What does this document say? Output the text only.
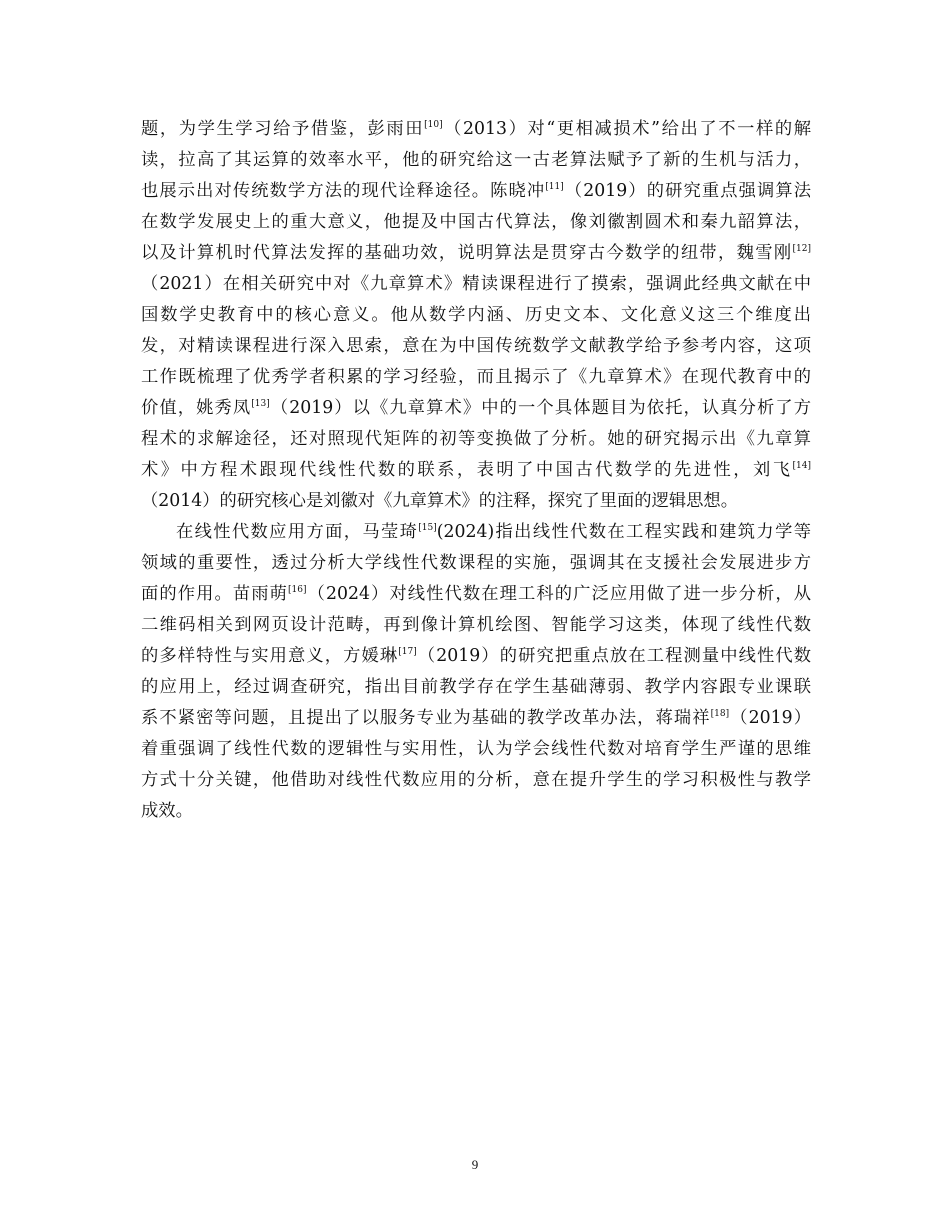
题，为学生学习给予借鉴，彭雨田[10]（2013）对“更相减损术”给出了不一样的解
读，拉高了其运算的效率水平，他的研究给这一古老算法赋予了新的生机与活力，
也展示出对传统数学方法的现代诠释途径。陈晓冲[11]（2019）的研究重点强调算法
在数学发展史上的重大意义，他提及中国古代算法，像刘徽割圆术和秦九韶算法，
以及计算机时代算法发挥的基础功效，说明算法是贯穿古今数学的纽带，魏雪刚[12]
（2021）在相关研究中对《九章算术》精读课程进行了摸索，强调此经典文献在中
国数学史教育中的核心意义。他从数学内涵、历史文本、文化意义这三个维度出
发，对精读课程进行深入思索，意在为中国传统数学文献教学给予参考内容，这项
工作既梳理了优秀学者积累的学习经验，而且揭示了《九章算术》在现代教育中的
价值，姚秀凤[13]（2019）以《九章算术》中的一个具体题目为依托，认真分析了方
程术的求解途径，还对照现代矩阵的初等变换做了分析。她的研究揭示出《九章算
术》中方程术跟现代线性代数的联系，表明了中国古代数学的先进性，刘飞[14]
（2014）的研究核心是刘徽对《九章算术》的注释，探究了里面的逻辑思想。
在线性代数应用方面，马莹琦[15](2024)指出线性代数在工程实践和建筑力学等
领域的重要性，透过分析大学线性代数课程的实施，强调其在支援社会发展进步方
面的作用。苗雨萌[16]（2024）对线性代数在理工科的广泛应用做了进一步分析，从
二维码相关到网页设计范畴，再到像计算机绘图、智能学习这类，体现了线性代数
的多样特性与实用意义，方媛琳[17]（2019）的研究把重点放在工程测量中线性代数
的应用上，经过调查研究，指出目前教学存在学生基础薄弱、教学内容跟专业课联
系不紧密等问题，且提出了以服务专业为基础的教学改革办法，蒋瑞祥[18]（2019）
着重强调了线性代数的逻辑性与实用性，认为学会线性代数对培育学生严谨的思维
方式十分关键，他借助对线性代数应用的分析，意在提升学生的学习积极性与教学
成效。
9
